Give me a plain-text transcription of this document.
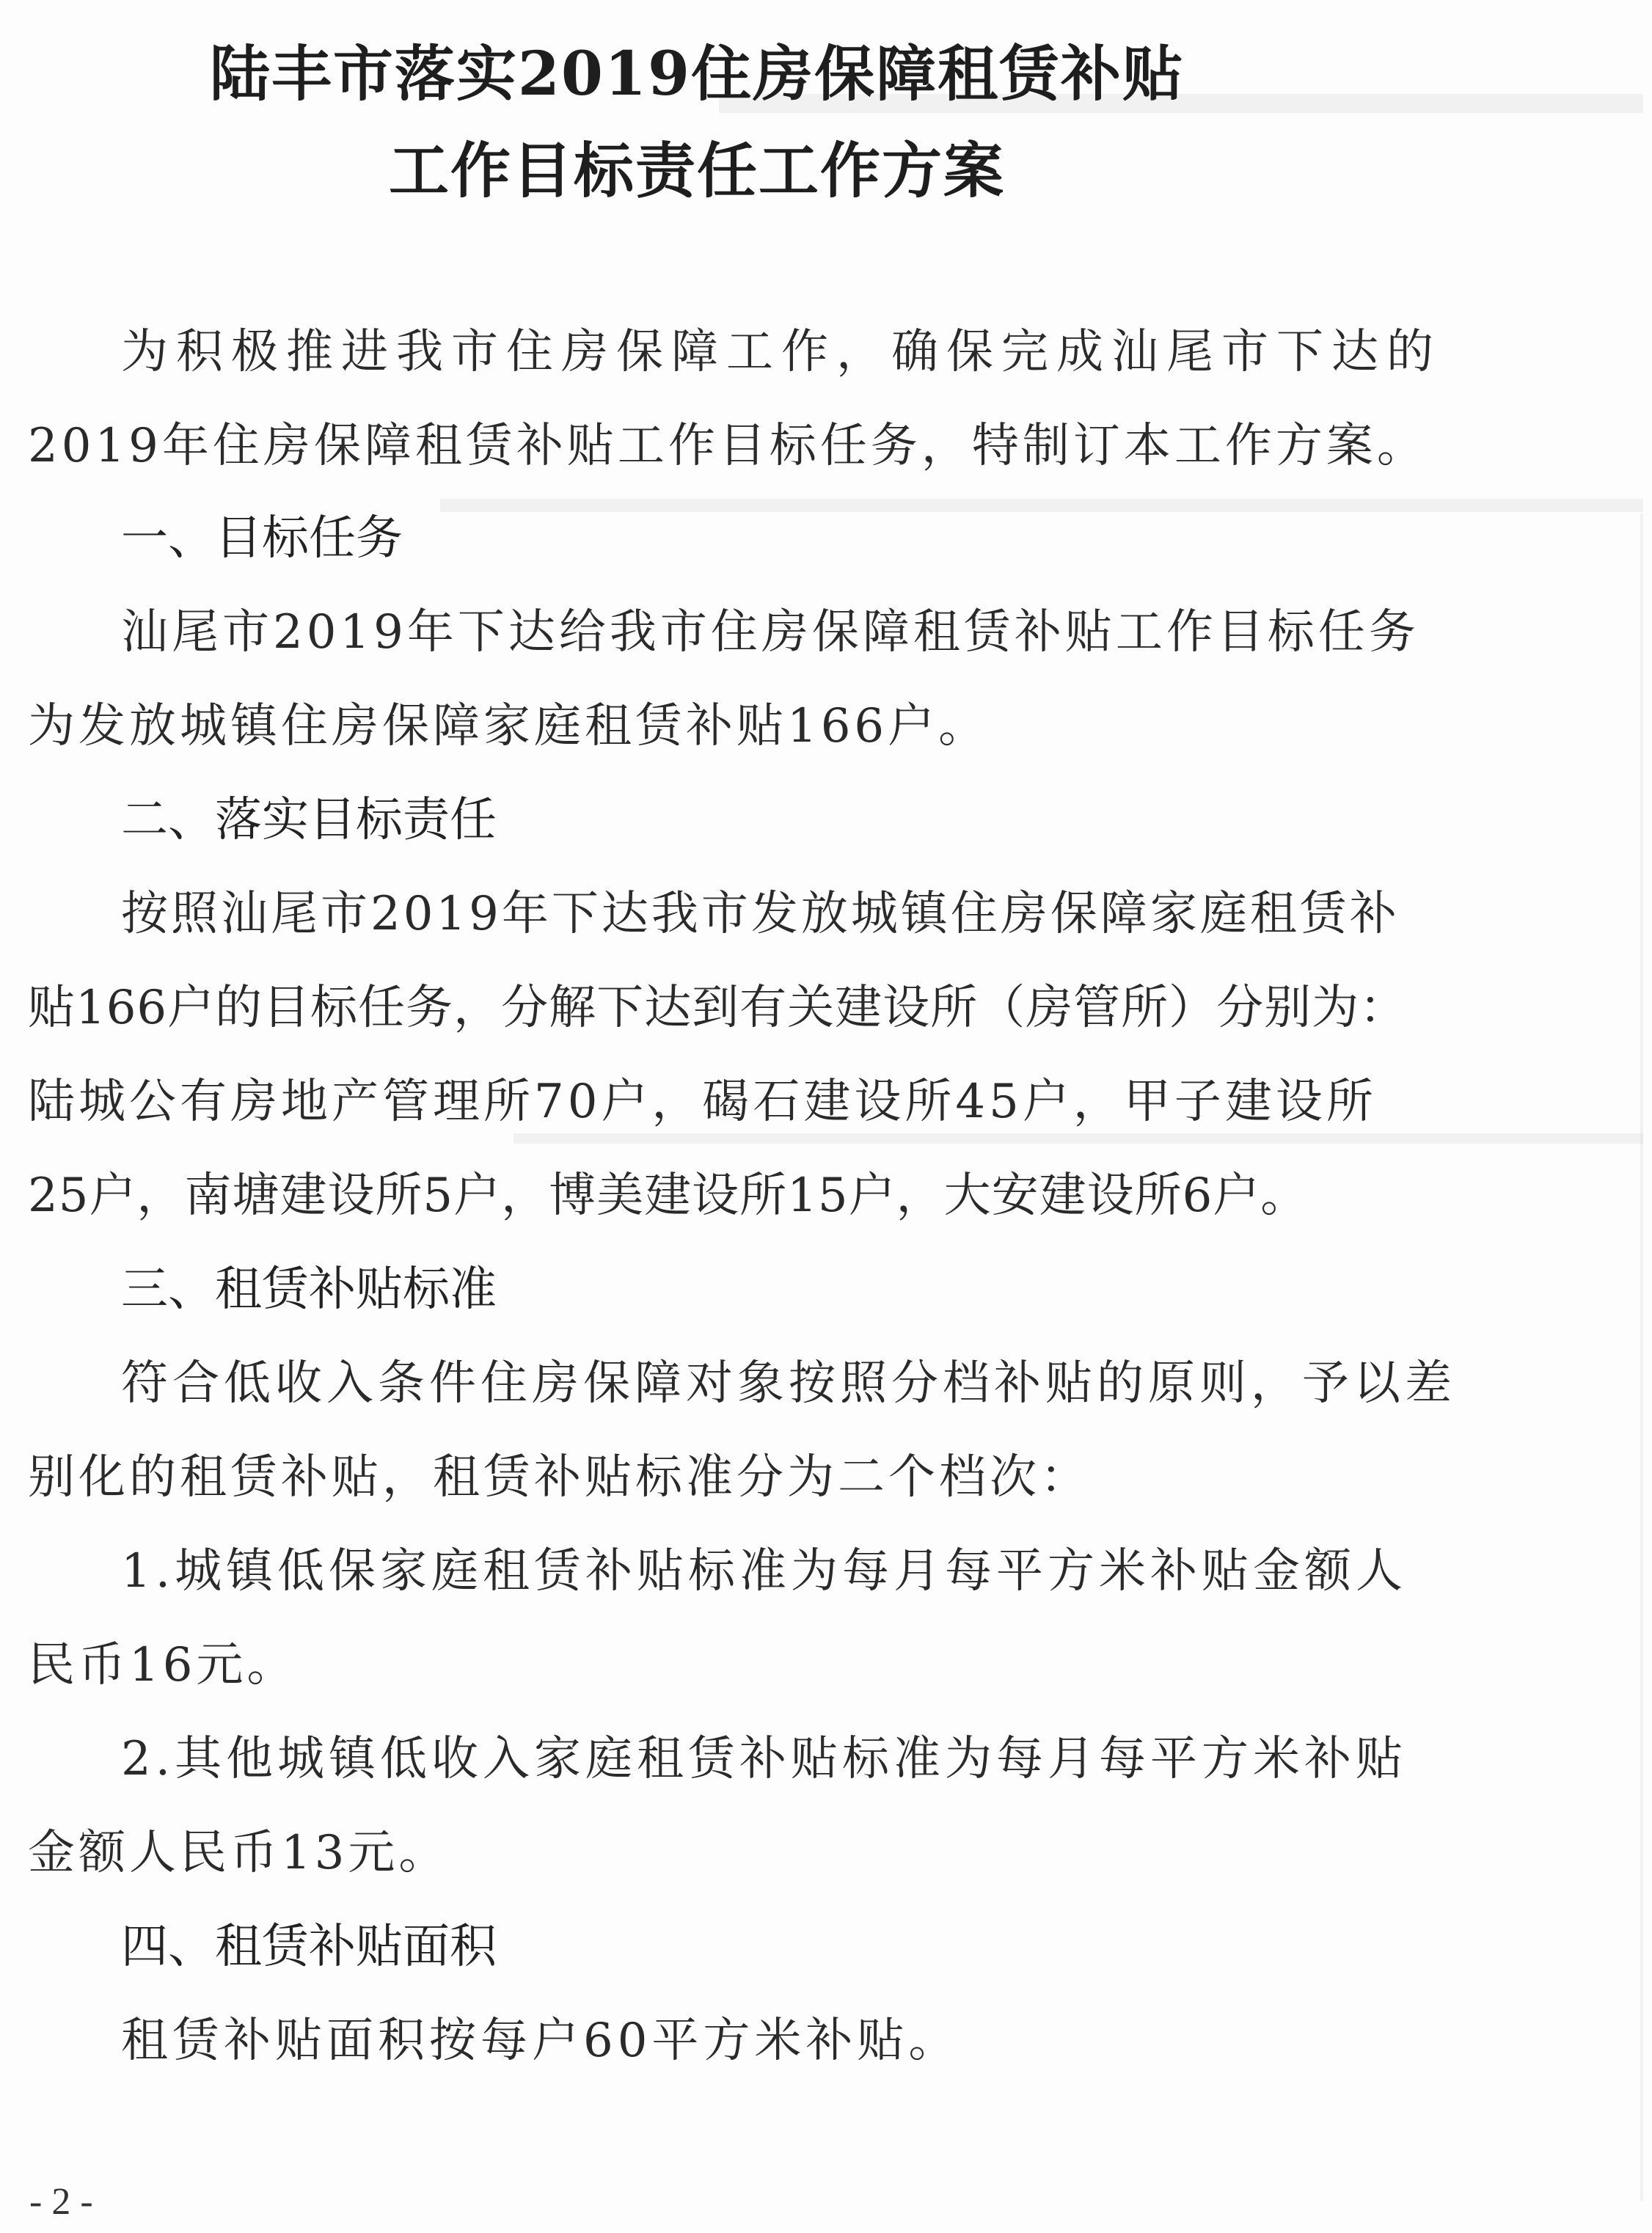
陆丰市落实2019住房保障租赁补贴
工作目标责任工作方案
为积极推进我市住房保障工作，确保完成汕尾市下达的
2019年住房保障租赁补贴工作目标任务，特制订本工作方案。
一、目标任务
汕尾市2019年下达给我市住房保障租赁补贴工作目标任务
为发放城镇住房保障家庭租赁补贴166户。
二、落实目标责任
按照汕尾市2019年下达我市发放城镇住房保障家庭租赁补
贴166户的目标任务，分解下达到有关建设所（房管所）分别为：
陆城公有房地产管理所70户，碣石建设所45户，甲子建设所
25户，南塘建设所5户，博美建设所15户，大安建设所6户。
三、租赁补贴标准
符合低收入条件住房保障对象按照分档补贴的原则，予以差
别化的租赁补贴，租赁补贴标准分为二个档次：
1.城镇低保家庭租赁补贴标准为每月每平方米补贴金额人
民币16元。
2.其他城镇低收入家庭租赁补贴标准为每月每平方米补贴
金额人民币13元。
四、租赁补贴面积
租赁补贴面积按每户60平方米补贴。
- 2 -
